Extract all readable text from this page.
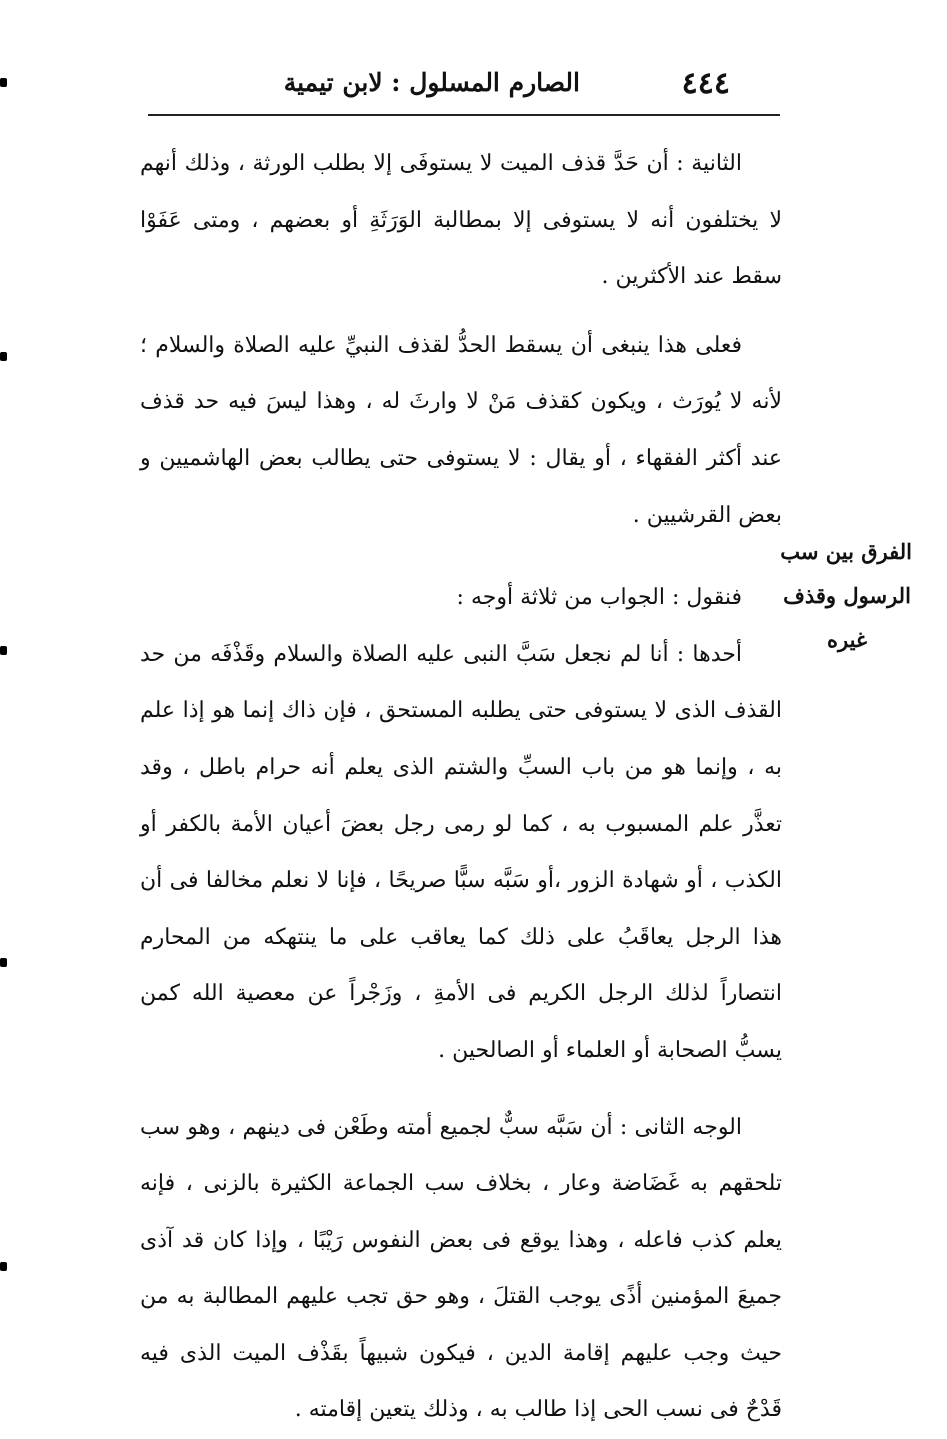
٤٤٤
الصارم المسلول : لابن تيمية

الثانية : أن حَدَّ قذف الميت لا يستوفَى إلا بطلب الورثة ، وذلك أنهم لا يختلفون أنه لا يستوفى إلا بمطالبة الوَرَثَةِ أو بعضهم ، ومتى عَفَوْا سقط عند الأكثرين .

فعلى هذا ينبغى أن يسقط الحدُّ لقذف النبيِّ عليه الصلاة والسلام ؛ لأنه لا يُورَث ، ويكون كقذف مَنْ لا وارثَ له ، وهذا ليسَ فيه حد قذف عند أكثر الفقهاء ، أو يقال : لا يستوفى حتى يطالب بعض الهاشميين و بعض القرشيين .

فنقول : الجواب من ثلاثة أوجه :

أحدها : أنا لم نجعل سَبَّ النبى عليه الصلاة والسلام وقَذْفَه من حد القذف الذى لا يستوفى حتى يطلبه المستحق ، فإن ذاك إنما هو إذا علم به ، وإنما هو من باب السبِّ والشتم الذى يعلم أنه حرام باطل ، وقد تعذَّر علم المسبوب به ، كما لو رمى رجل بعضَ أعيان الأمة بالكفر أو الكذب ، أو شهادة الزور ،أو سَبَّه سبًّا صريحًا ، فإنا لا نعلم مخالفا فى أن هذا الرجل يعاقَبُ على ذلك كما يعاقب على ما ينتهكه من المحارم انتصاراً لذلك الرجل الكريم فى الأمةِ ، وزَجْراً عن معصية الله كمن يسبُّ الصحابة أو العلماء أو الصالحين .

الوجه الثانى : أن سَبَّه سبٌّ لجميع أمته وطَعْن فى دينهم ، وهو سب تلحقهم به غَضَاضة وعار ، بخلاف سب الجماعة الكثيرة بالزنى ، فإنه يعلم كذب فاعله ، وهذا يوقع فى بعض النفوس رَيْبًا ، وإذا كان قد آذى جميعَ المؤمنين أذًى يوجب القتلَ ، وهو حق تجب عليهم المطالبة به من حيث وجب عليهم إقامة الدين ، فيكون شبيهاً بقَذْف الميت الذى فيه قَدْحٌ فى نسب الحى إذا طالب به ، وذلك يتعين إقامته .

الفرق بين سب
الرسول وقذف
غيره
